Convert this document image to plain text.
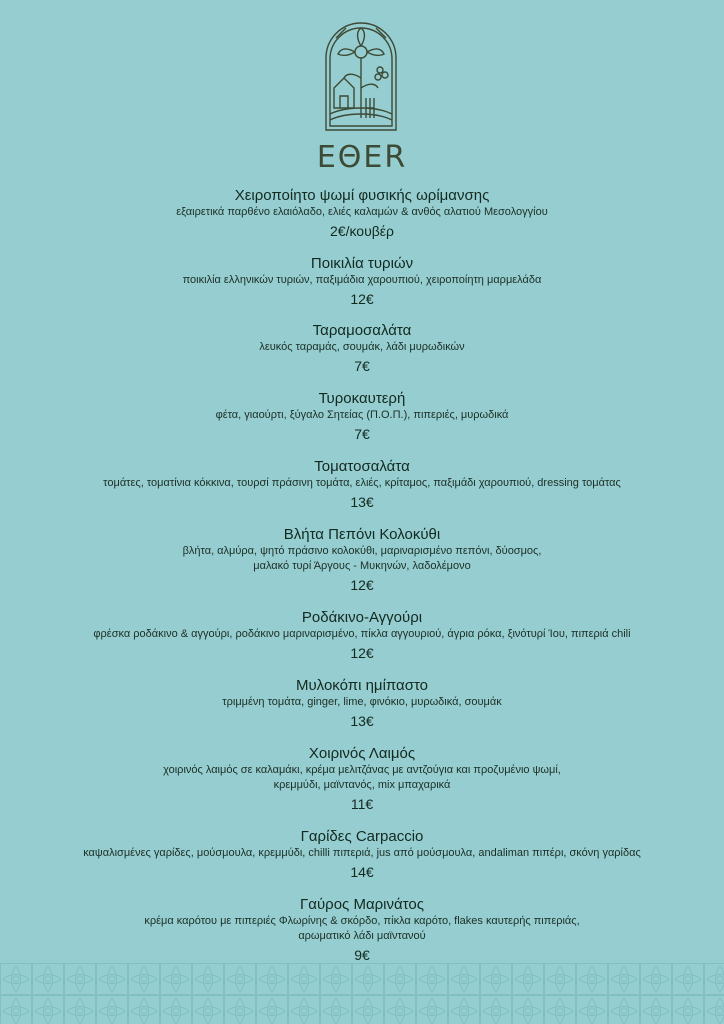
EΘER
Χειροποίητο ψωμί φυσικής ωρίμανσης
εξαιρετικά παρθένο ελαιόλαδο, ελιές καλαμών & ανθός αλατιού Μεσολογγίου
2€/κουβέρ
Ποικιλία τυριών
ποικιλία ελληνικών τυριών, παξιμάδια χαρουπιού, χειροποίητη μαρμελάδα
12€
Ταραμοσαλάτα
λευκός ταραμάς, σουμάκ, λάδι μυρωδικών
7€
Τυροκαυτερή
φέτα, γιαούρτι, ξύγαλο Σητείας (Π.Ο.Π.), πιπεριές, μυρωδικά
7€
Τοματοσαλάτα
τομάτες, τοματίνια κόκκινα, τουρσί πράσινη τομάτα, ελιές, κρίταμος, παξιμάδι χαρουπιού, dressing τομάτας
13€
Βλήτα Πεπόνι Κολοκύθι
βλήτα, αλμύρα, ψητό πράσινο κολοκύθι, μαριναρισμένο πεπόνι, δύοσμος,
μαλακό τυρί Άργους - Μυκηνών, λαδολέμονο
12€
Ροδάκινο-Αγγούρι
φρέσκα ροδάκινο & αγγούρι, ροδάκινο μαριναρισμένο, πίκλα αγγουριού, άγρια ρόκα, ξινότυρί Ίου, πιπεριά chili
12€
Μυλοκόπι ημίπαστο
τριμμένη τομάτα, ginger, lime, φινόκιο, μυρωδικά, σουμάκ
13€
Χοιρινός Λαιμός
χοιρινός λαιμός σε καλαμάκι, κρέμα μελιτζάνας με αντζούγια και προζυμένιο ψωμί,
κρεμμύδι, μαϊντανός, mix μπαχαρικά
11€
Γαρίδες Carpaccio
καψαλισμένες γαρίδες, μούσμουλα, κρεμμύδι, chilli πιπεριά, jus από μούσμουλα, andaliman πιπέρι, σκόνη γαρίδας
14€
Γαύρος Μαρινάτος
κρέμα καρότου με πιπεριές Φλωρίνης & σκόρδο, πίκλα καρότο, flakes καυτερής πιπεριάς,
αρωματικό λάδι μαϊντανού
9€
